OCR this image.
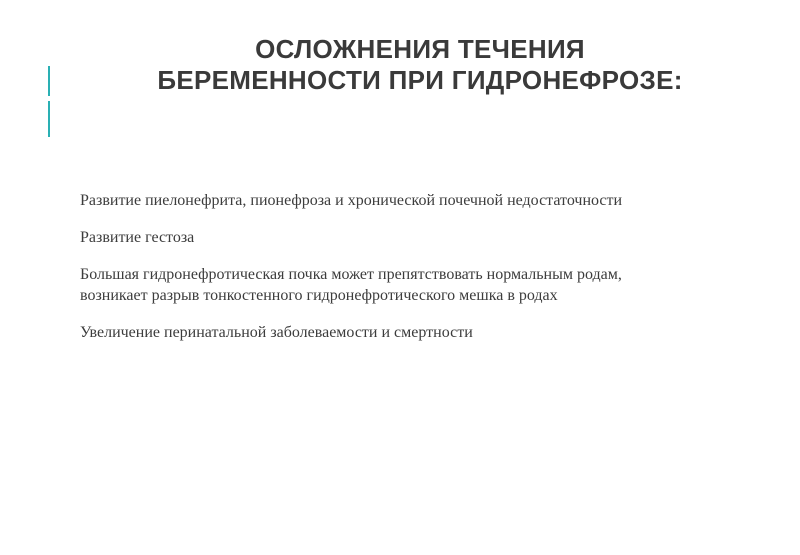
ОСЛОЖНЕНИЯ ТЕЧЕНИЯ
БЕРЕМЕННОСТИ ПРИ ГИДРОНЕФРОЗЕ:
Развитие пиелонефрита, пионефроза и хронической почечной недостаточности
Развитие гестоза
Большая гидронефротическая почка может препятствовать нормальным родам, возникает разрыв тонкостенного гидронефротического мешка в родах
Увеличение перинатальной заболеваемости и смертности
